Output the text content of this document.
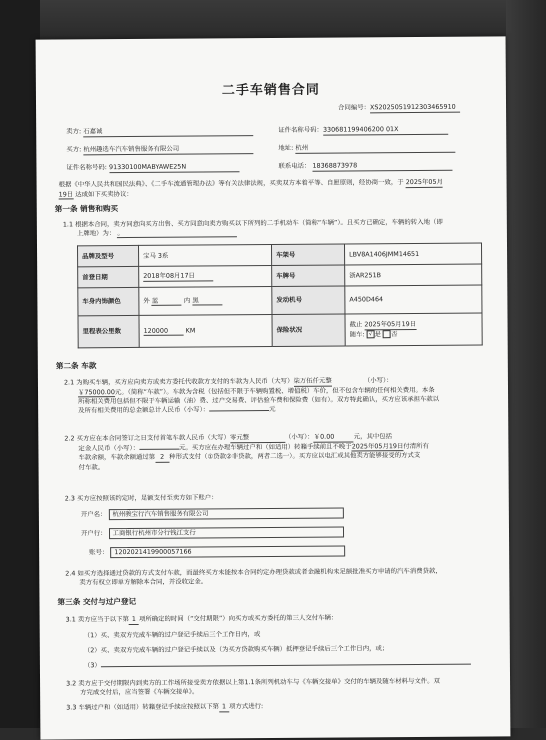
二手车销售合同
合同编号：XS2025051912303465910
卖方: 石嘉诚	证件名称号码：330681199406200 01X
买方: 杭州趣选车汽车销售服务有限公司	地址: 杭州
证件名称号码: 91330100MABYAWE25N	联系电话： 18368873978
根据《中华人民共和国民法典》、《二手车流通管理办法》等有关法律法规，买卖双方本着平等、自愿原则，经协商一致，于 2025年05月
19日 达成如下买卖协议：
第一条 销售和购买
1.1 根据本合同，卖方同意向买方出售、买方同意向卖方购买以下所列的二手机动车（简称“车辆”）。且买方已确定，车辆的转入地（即
上牌地）为： 。
品牌及型号	宝马 3系	车架号	LBV8A1406JMM14651
首登日期	2018年08月17日	车牌号	浙AR251B
车身内饰颜色	外 蓝 内 黑	发动机号	A450D464
里程表公里数	120000 KM	保险状况	截止 2025年05月19日
随车: √ 是 否
第二条 车款
2.1 为购买车辆，买方应向卖方或卖方委托代收款方支付的车款为人民币（大写）柒万伍仟元整	（小写）：
￥75000.00元。（简称“车款”）。车款为含税（包括但不限于车辆购置税、增值税）车价，但不包含车辆的任何相关费用。本条
所称相关费用包括但不限于车辆运输（油）费、过户交易费、评估验车费和保险费（如有）。双方特此确认，买方应该承担车款以
及所有相关费用的总金额总计人民币（小写）：	元
2.2 买方应在本合同签订之日支付首笔车款人民币（大写）零元整	（小写）：￥0.00	元，其中包括
定金人民币（小写）：	元。买方应在办理车辆过户和（如适用）转籍手续前且不晚于2025年05月19日付清所有
车款余额，车款余额通过第 2 种形式支付（①贷款②非贷款，两者二选一）。买方应以电汇或其他卖方能够接受的方式支
付车款。
2.3 买方应按照该约定时，足额支付至卖方如下账户：
开户名： 杭州骏宝行汽车销售服务有限公司
开户行： 工商银行杭州市分行钱江支行
账号： 1202021419900057166
2.4 如买方选择通过贷款的方式支付车款，而最终买方未能按本合同约定办理贷款或者金融机构未足额批准买方申请的汽车消费贷款，
卖方有权立即单方解除本合同，并没收定金。
第三条 交付与过户登记
3.1 卖方应当于以下第 1 项所确定的时间（“交付期限”）向买方或买方委托的第三人交付车辆：
（1）买、卖双方完成车辆的过户登记手续后三个工作日内，或
（2）买、卖双方完成车辆的过户登记手续以及（为买方贷款购买车辆）抵押登记手续后三个工作日内，或；
（3）
3.2 卖方应于交付期限内到卖方的工作场所接受卖方依据以上第1.1条所列机动车与《车辆交接单》交付的车辆及随车材料与文件。双
方完成交付后，应当签署《车辆交接单》。
3.3 车辆过户和（如适用）转籍登记手续应按照以下第 1 项方式进行:
